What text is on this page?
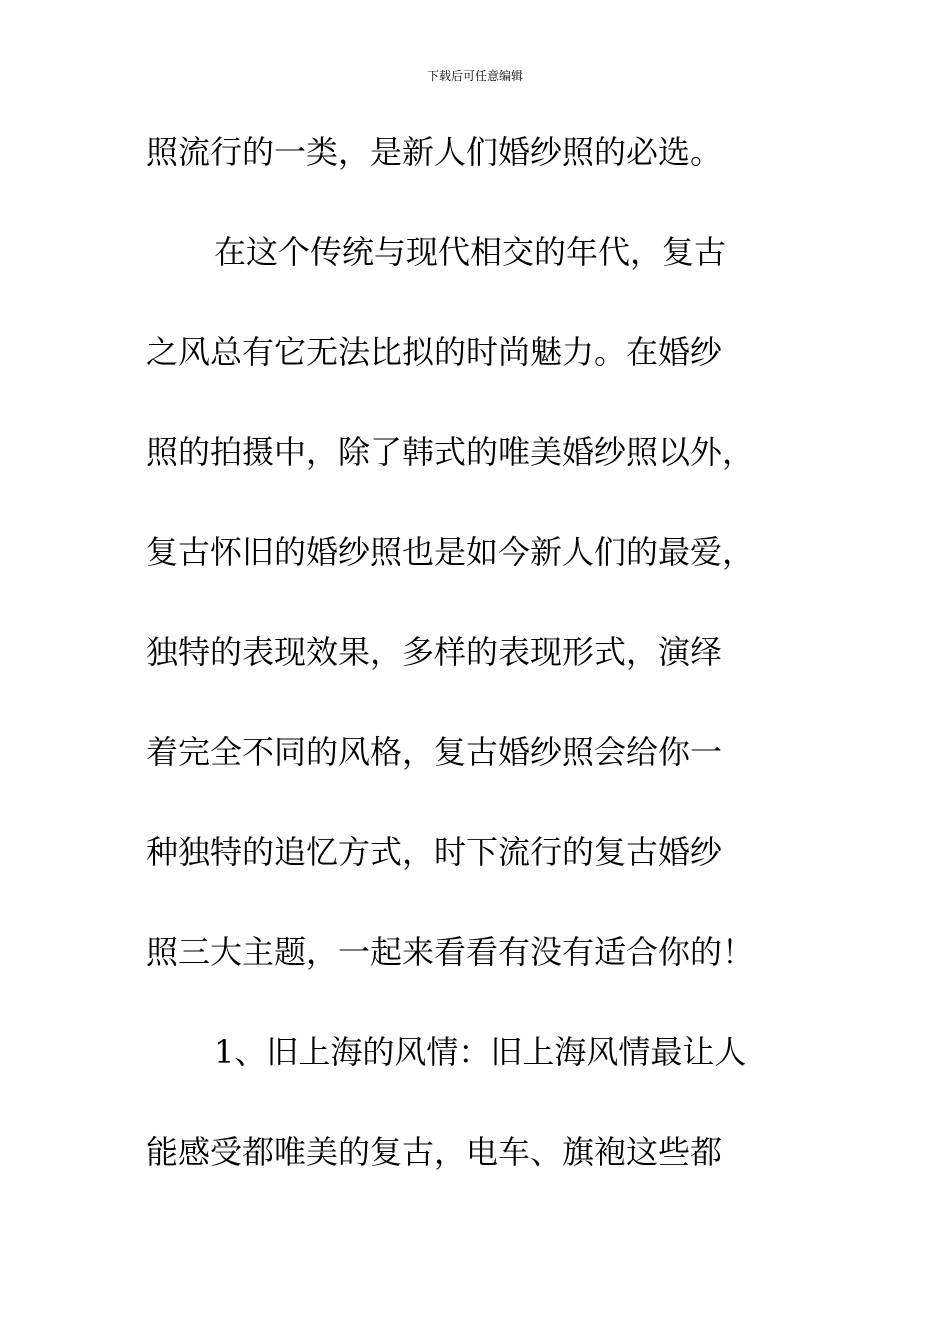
下载后可任意编辑

照流行的一类，是新人们婚纱照的必选。

在这个传统与现代相交的年代，复古

之风总有它无法比拟的时尚魅力。在婚纱

照的拍摄中，除了韩式的唯美婚纱照以外，

复古怀旧的婚纱照也是如今新人们的最爱，

独特的表现效果，多样的表现形式，演绎

着完全不同的风格，复古婚纱照会给你一

种独特的追忆方式，时下流行的复古婚纱

照三大主题，一起来看看有没有适合你的！

1、旧上海的风情：旧上海风情最让人

能感受都唯美的复古，电车、旗袍这些都
